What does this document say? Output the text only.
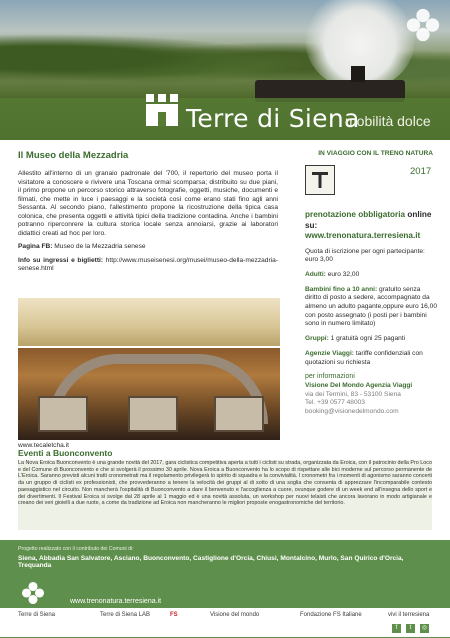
Terre di Siena
mobilità dolce
Il Museo della Mezzadria

Allestito all'interno di un granaio padronale del '700, il repertorio del museo porta il visitatore a conoscere e rivivere una Toscana ormai scomparsa; distribuito su due piani, il primo propone un percorso storico attraverso fotografie, oggetti, musiche, documenti e filmati, che mette in luce i paesaggi e la società così come erano stati fino agli anni Sessanta. Al secondo piano, l'allestimento propone la ricostruzione della tipica casa colonica, che presenta oggetti e attività tipici della tradizione contadina. Anche i bambini potranno riperconrere la cultura storica locale senza annoiarsi, grazie ai laboratori didattici creati ad hoc per loro.

Pagina FB: Museo de la Mezzadria senese

Info su ingressi e biglietti: http://www.museisenesi.org/musei/museo-della-mezzadria-senese.html

www.tecaletcha.it
IN VIAGGIO CON IL TRENO NATURA
2017

prenotazione obbligatoria online su:
www.trenonatura.terresiena.it

Quota di iscrizione per ogni partecipante: euro 3,00

Adulti: euro 32,00

Bambini fino a 10 anni: gratuito senza diritto di posto a sedere, accompagnato da almeno un adulto pagante,oppure euro 16,00 con posto assegnato (i posti per i bambini sono in numero limitato)

Gruppi: 1 gratuità ogni 25 paganti

Agenzie Viaggi: tariffe confidenziali con quotazioni su richiesta

per informazioni
Visione Del Mondo Agenzia Viaggi
via dei Termini, 83 - 53100 Siena
Tel. +39 0577 48003
booking@visionedelmondo.com

Eventi a Buonconvento
La Nova Eroica Buonconvento è una grande novità del 2017, gara ciclistica competitiva aperta a tutti i ciclisti su strada, organizzata da Eroica, con il patrocinio della Pro Loco e del Comune di Buonconvento e che si svolgerà il prossimo 30 aprile. Nova Eroica a Buonconvento ha lo scopo di rispettare alle bici moderne sul percorso permanente de L'Eroica. Saranno previsti alcuni tratti cronometrati ma il regolamento privilegerà lo spirito di squadra e la convivialità. I cronometri fra i momenti di agonismo saranno concerti da un gruppo di ciclisti ex professionisti, che provvederanno a tenere la velocità dei gruppi al di sotto di una soglia che consenta di apprezzare l'incomparabile contesto paesaggistico nel circuito. Non mancherà l'ospitalità di Buonconvento a dare il benvenuto e l'accoglienza a cuore, ovunque godere di un week end all'insegna dello sport e dei divertimenti. Il Festival Eroica si svolge dal 28 aprile al 1 maggio ed è una novità assoluta, un workshop per nuovi telaisti che ancora lavorano in modo artigianale e creano dei veri gioielli a due ruote, a come da tradizione ad Eroica non mancheranno le migliori proposte enogastronomiche del territorio.
Progetto realizzato con il contributo dei Comuni di:
Siena, Abbadia San Salvatore, Asciano, Buonconvento, Castiglione d'Orcia, Chiusi, Montalcino, Murlo, San Quirico d'Orcia, Trequanda
www.trenonatura.terresiena.it
Terre di Siena	Terre di Siena LAB	FS	Visione del mondo	Fondazione FS Italiane	vivi il terresiena
f	t	◎
